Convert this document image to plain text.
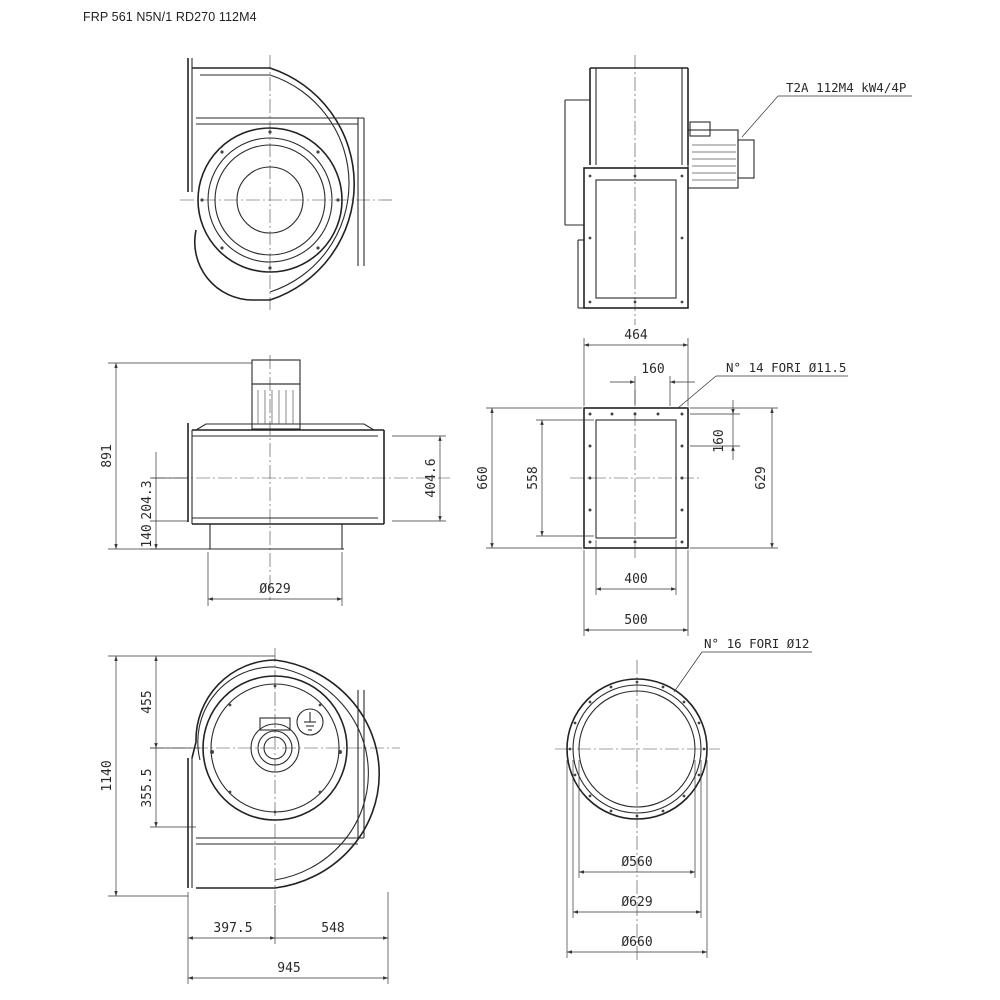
FRP 561 N5N/1 RD270 112M4
T2A 112M4 kW4/4P
891
204.3
140
404.6
Ø629
464
160	N° 14 FORI Ø11.5
160
629
660	558
400
500
1140
455
355.5
397.5	548
945
Ø560
Ø629
Ø660
N° 16 FORI Ø12
